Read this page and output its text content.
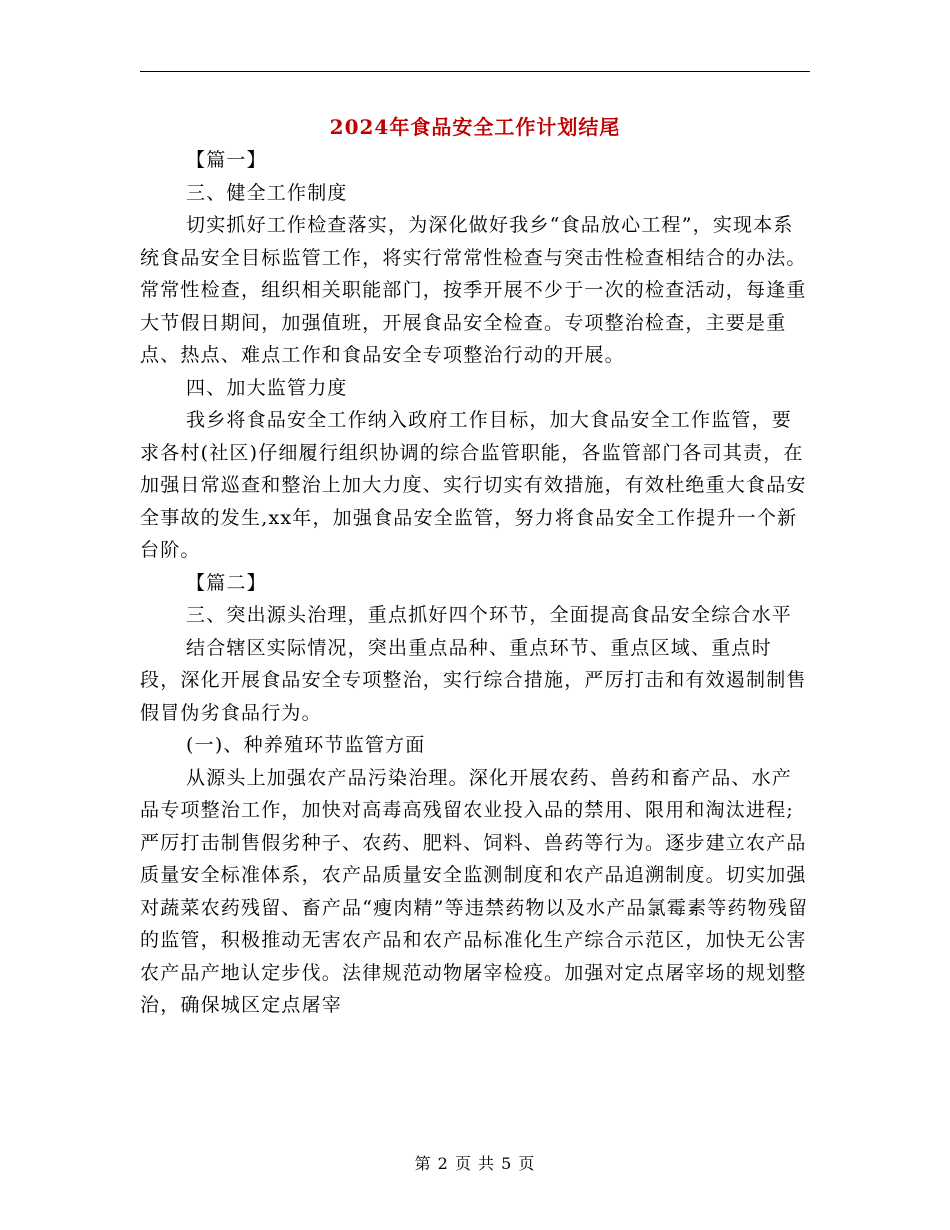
2024年食品安全工作计划结尾

【篇一】

三、健全工作制度

切实抓好工作检查落实，为深化做好我乡“食品放心工程”，实现本系统食品安全目标监管工作，将实行常常性检查与突击性检查相结合的办法。常常性检查，组织相关职能部门，按季开展不少于一次的检查活动，每逢重大节假日期间，加强值班，开展食品安全检查。专项整治检查，主要是重点、热点、难点工作和食品安全专项整治行动的开展。

四、加大监管力度

我乡将食品安全工作纳入政府工作目标，加大食品安全工作监管，要求各村(社区)仔细履行组织协调的综合监管职能，各监管部门各司其责，在加强日常巡查和整治上加大力度、实行切实有效措施，有效杜绝重大食品安全事故的发生,xx年，加强食品安全监管，努力将食品安全工作提升一个新台阶。

【篇二】

三、突出源头治理，重点抓好四个环节，全面提高食品安全综合水平

结合辖区实际情况，突出重点品种、重点环节、重点区域、重点时段，深化开展食品安全专项整治，实行综合措施，严厉打击和有效遏制制售假冒伪劣食品行为。

(一)、种养殖环节监管方面

从源头上加强农产品污染治理。深化开展农药、兽药和畜产品、水产品专项整治工作，加快对高毒高残留农业投入品的禁用、限用和淘汰进程;严厉打击制售假劣种子、农药、肥料、饲料、兽药等行为。逐步建立农产品质量安全标准体系，农产品质量安全监测制度和农产品追溯制度。切实加强对蔬菜农药残留、畜产品“瘦肉精”等违禁药物以及水产品氯霉素等药物残留的监管，积极推动无害农产品和农产品标准化生产综合示范区，加快无公害农产品产地认定步伐。法律规范动物屠宰检疫。加强对定点屠宰场的规划整治，确保城区定点屠宰

第 2 页 共 5 页
